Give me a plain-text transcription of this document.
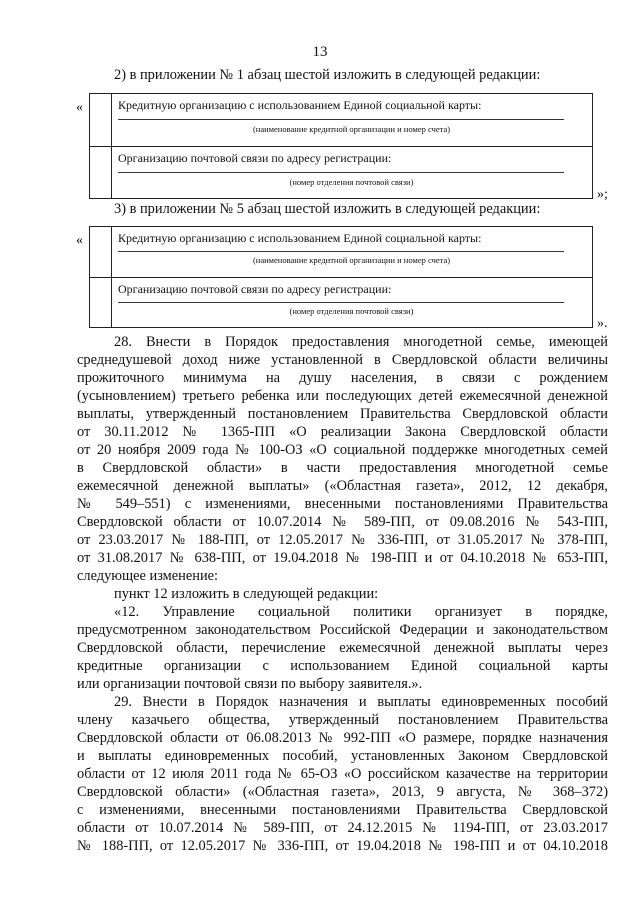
13
2) в приложении № 1 абзац шестой изложить в следующей редакции:
«	Кредитную организацию с использованием Единой социальной карты:
(наименование кредитной организации и номер счета)
Организацию почтовой связи по адресу регистрации:
(номер отделения почтовой связи)
»;
3) в приложении № 5 абзац шестой изложить в следующей редакции:
«	Кредитную организацию с использованием Единой социальной карты:
(наименование кредитной организации и номер счета)
Организацию почтовой связи по адресу регистрации:
(номер отделения почтовой связи)
».
28. Внести в Порядок предоставления многодетной семье, имеющей
среднедушевой доход ниже установленной в Свердловской области величины
прожиточного минимума на душу населения, в связи с рождением
(усыновлением) третьего ребенка или последующих детей ежемесячной денежной
выплаты, утвержденный постановлением Правительства Свердловской области
от 30.11.2012 № 1365-ПП «О реализации Закона Свердловской области
от 20 ноября 2009 года № 100-ОЗ «О социальной поддержке многодетных семей
в Свердловской области» в части предоставления многодетной семье
ежемесячной денежной выплаты» («Областная газета», 2012, 12 декабря,
№ 549–551) с изменениями, внесенными постановлениями Правительства
Свердловской области от 10.07.2014 № 589-ПП, от 09.08.2016 № 543-ПП,
от 23.03.2017 № 188-ПП, от 12.05.2017 № 336-ПП, от 31.05.2017 № 378-ПП,
от 31.08.2017 № 638-ПП, от 19.04.2018 № 198-ПП и от 04.10.2018 № 653-ПП,
следующее изменение:
пункт 12 изложить в следующей редакции:
«12. Управление социальной политики организует в порядке,
предусмотренном законодательством Российской Федерации и законодательством
Свердловской области, перечисление ежемесячной денежной выплаты через
кредитные организации с использованием Единой социальной карты
или организации почтовой связи по выбору заявителя.».
29. Внести в Порядок назначения и выплаты единовременных пособий
члену казачьего общества, утвержденный постановлением Правительства
Свердловской области от 06.08.2013 № 992-ПП «О размере, порядке назначения
и выплаты единовременных пособий, установленных Законом Свердловской
области от 12 июля 2011 года № 65-ОЗ «О российском казачестве на территории
Свердловской области» («Областная газета», 2013, 9 августа, № 368–372)
с изменениями, внесенными постановлениями Правительства Свердловской
области от 10.07.2014 № 589-ПП, от 24.12.2015 № 1194-ПП, от 23.03.2017
№ 188-ПП, от 12.05.2017 № 336-ПП, от 19.04.2018 № 198-ПП и от 04.10.2018
